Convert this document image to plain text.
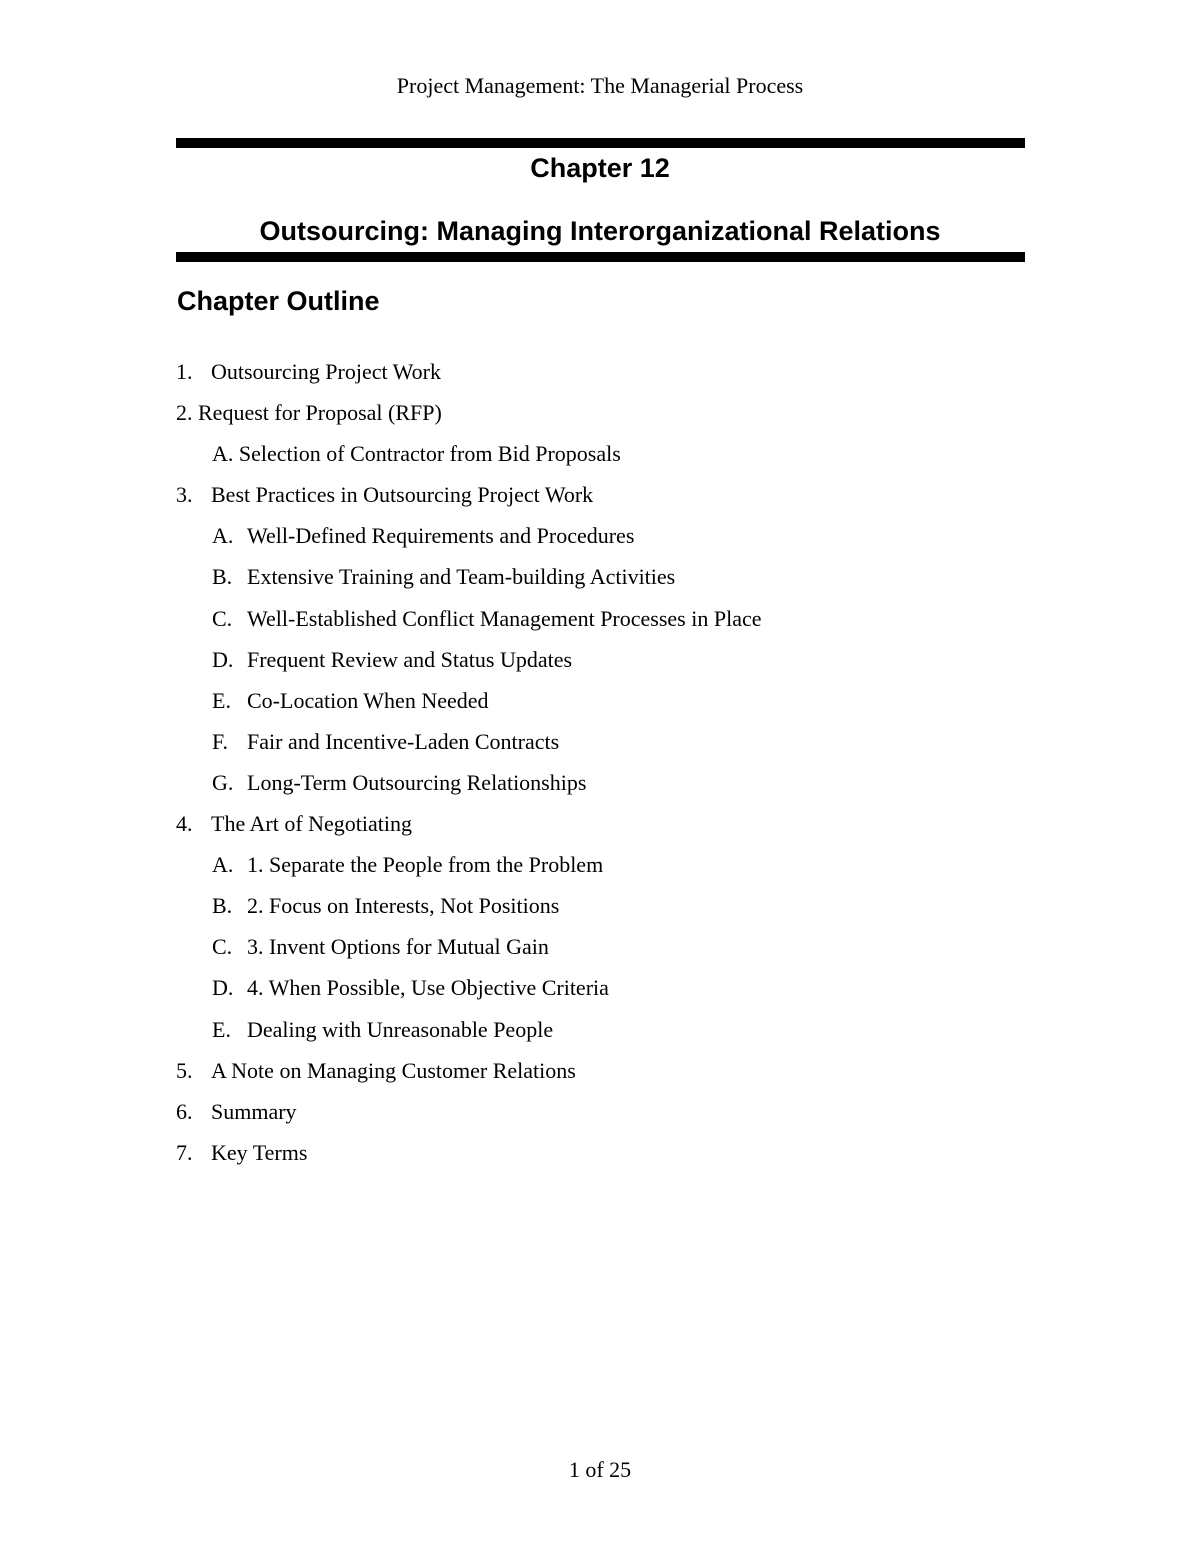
Project Management: The Managerial Process
Chapter 12
Outsourcing: Managing Interorganizational Relations
Chapter Outline
1. Outsourcing Project Work
2. Request for Proposal (RFP)
A. Selection of Contractor from Bid Proposals
3. Best Practices in Outsourcing Project Work
A. Well-Defined Requirements and Procedures
B. Extensive Training and Team-building Activities
C. Well-Established Conflict Management Processes in Place
D. Frequent Review and Status Updates
E. Co-Location When Needed
F. Fair and Incentive-Laden Contracts
G. Long-Term Outsourcing Relationships
4. The Art of Negotiating
A. 1. Separate the People from the Problem
B. 2. Focus on Interests, Not Positions
C. 3. Invent Options for Mutual Gain
D. 4. When Possible, Use Objective Criteria
E. Dealing with Unreasonable People
5. A Note on Managing Customer Relations
6. Summary
7. Key Terms
1 of 25
